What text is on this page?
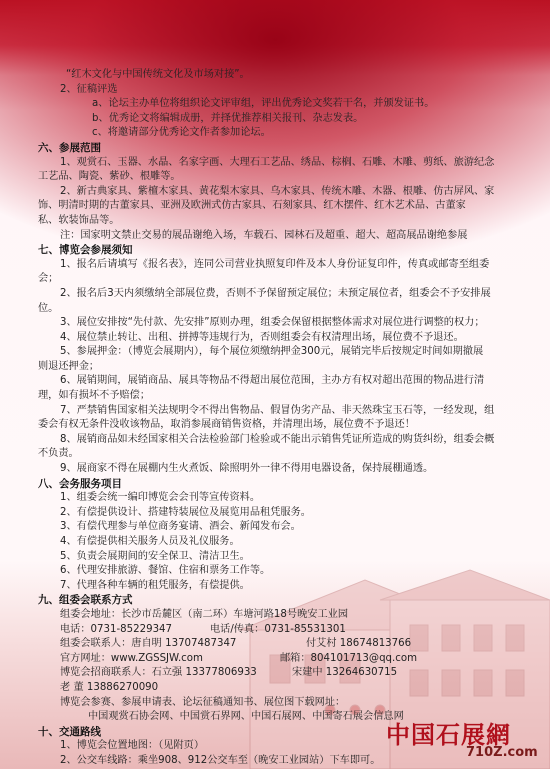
“红木文化与中国传统文化及市场对接”。
2、征稿评选
a、论坛主办单位将组织论文评审组，评出优秀论文奖若干名，并颁发证书。
b、优秀论文将编辑成册，并择优推荐相关报刊、杂志发表。
c、将邀请部分优秀论文作者参加论坛。
六、参展范围
1、观赏石、玉器、水晶、名家字画、大理石工艺品、绣品、棕榈、石雕、木雕、剪纸、旅游纪念
工艺品、陶瓷、紫砂、根雕等。
2、新古典家具、紫檀木家具、黄花梨木家具、乌木家具、传统木雕、木器、根雕、仿古屏风、家
饰、明清时期的古董家具、亚洲及欧洲式仿古家具、石刻家具、红木摆件、红木艺术品、古董家
私、软装饰品等。
注：国家明文禁止交易的展品谢绝入场，车载石、园林石及超重、超大、超高展品谢绝参展
七、博览会参展须知
1、报名后请填写《报名表》，连同公司营业执照复印件及本人身份证复印件，传真或邮寄至组委
会；
2、报名后3天内须缴纳全部展位费，否则不予保留预定展位；未预定展位者，组委会不予安排展
位。
3、展位安排按“先付款、先安排”原则办理，组委会保留根据整体需求对展位进行调整的权力；
4、展位禁止转让、出租、拼搏等违规行为，否则组委会有权清理出场，展位费不予退还。
5、参展押金：（博览会展期内），每个展位须缴纳押金300元，展销完毕后按规定时间如期撤展
则退还押金；
6、展销期间，展销商品、展具等物品不得超出展位范围，主办方有权对超出范围的物品进行清
理，如有损坏不予赔偿；
7、严禁销售国家相关法规明令不得出售物品、假冒伪劣产品、非天然珠宝玉石等，一经发现，组
委会有权无条件没收该物品，取消参展商销售资格，并清理出场，展位费不予退还！
8、展销商品如未经国家相关合法检验部门检验或不能出示销售凭证所造成的购货纠纷，组委会概
不负责。
9、展商家不得在展棚内生火煮饭、除照明外一律不得用电器设备，保持展棚通透。
八、会务服务项目
1、组委会统一编印博览会会刊等宣传资料。
2、有偿提供设计、搭建特装展位及展览用品租凭服务。
3、有偿代理参与单位商务宴请、酒会、新闻发布会。
4、有偿提供相关服务人员及礼仪服务。
5、负责会展期间的安全保卫、清洁卫生。
6、代理安排旅游、餐馆、住宿和票务工作等。
7、代理各种车辆的租凭服务，有偿提供。
九、组委会联系方式
组委会地址：长沙市岳麓区（南二环）车塘河路18号晚安工业园
电话：0731-85229347	电话/传真：0731-85531301
组委会联系人：唐自明 13707487347	付艾村 18674813766
官方网址：www.ZGSSJW.com	邮箱：804101713@qq.com
博览会招商联系人：石立强 13377806933	宋建中 13264630715
老 董 13886270090
博览会参赛、参展申请表、论坛征稿通知书、展位图下载网址：
中国观赏石协会网、中国赏石界网、中国石展网、中国寄石展会信息网
十、交通路线
1、博览会位置地图：（见附页）
2、公交车线路：乘坐908、912公交车至（晚安工业园站）下车即可。
中国石展網
710Z.com
